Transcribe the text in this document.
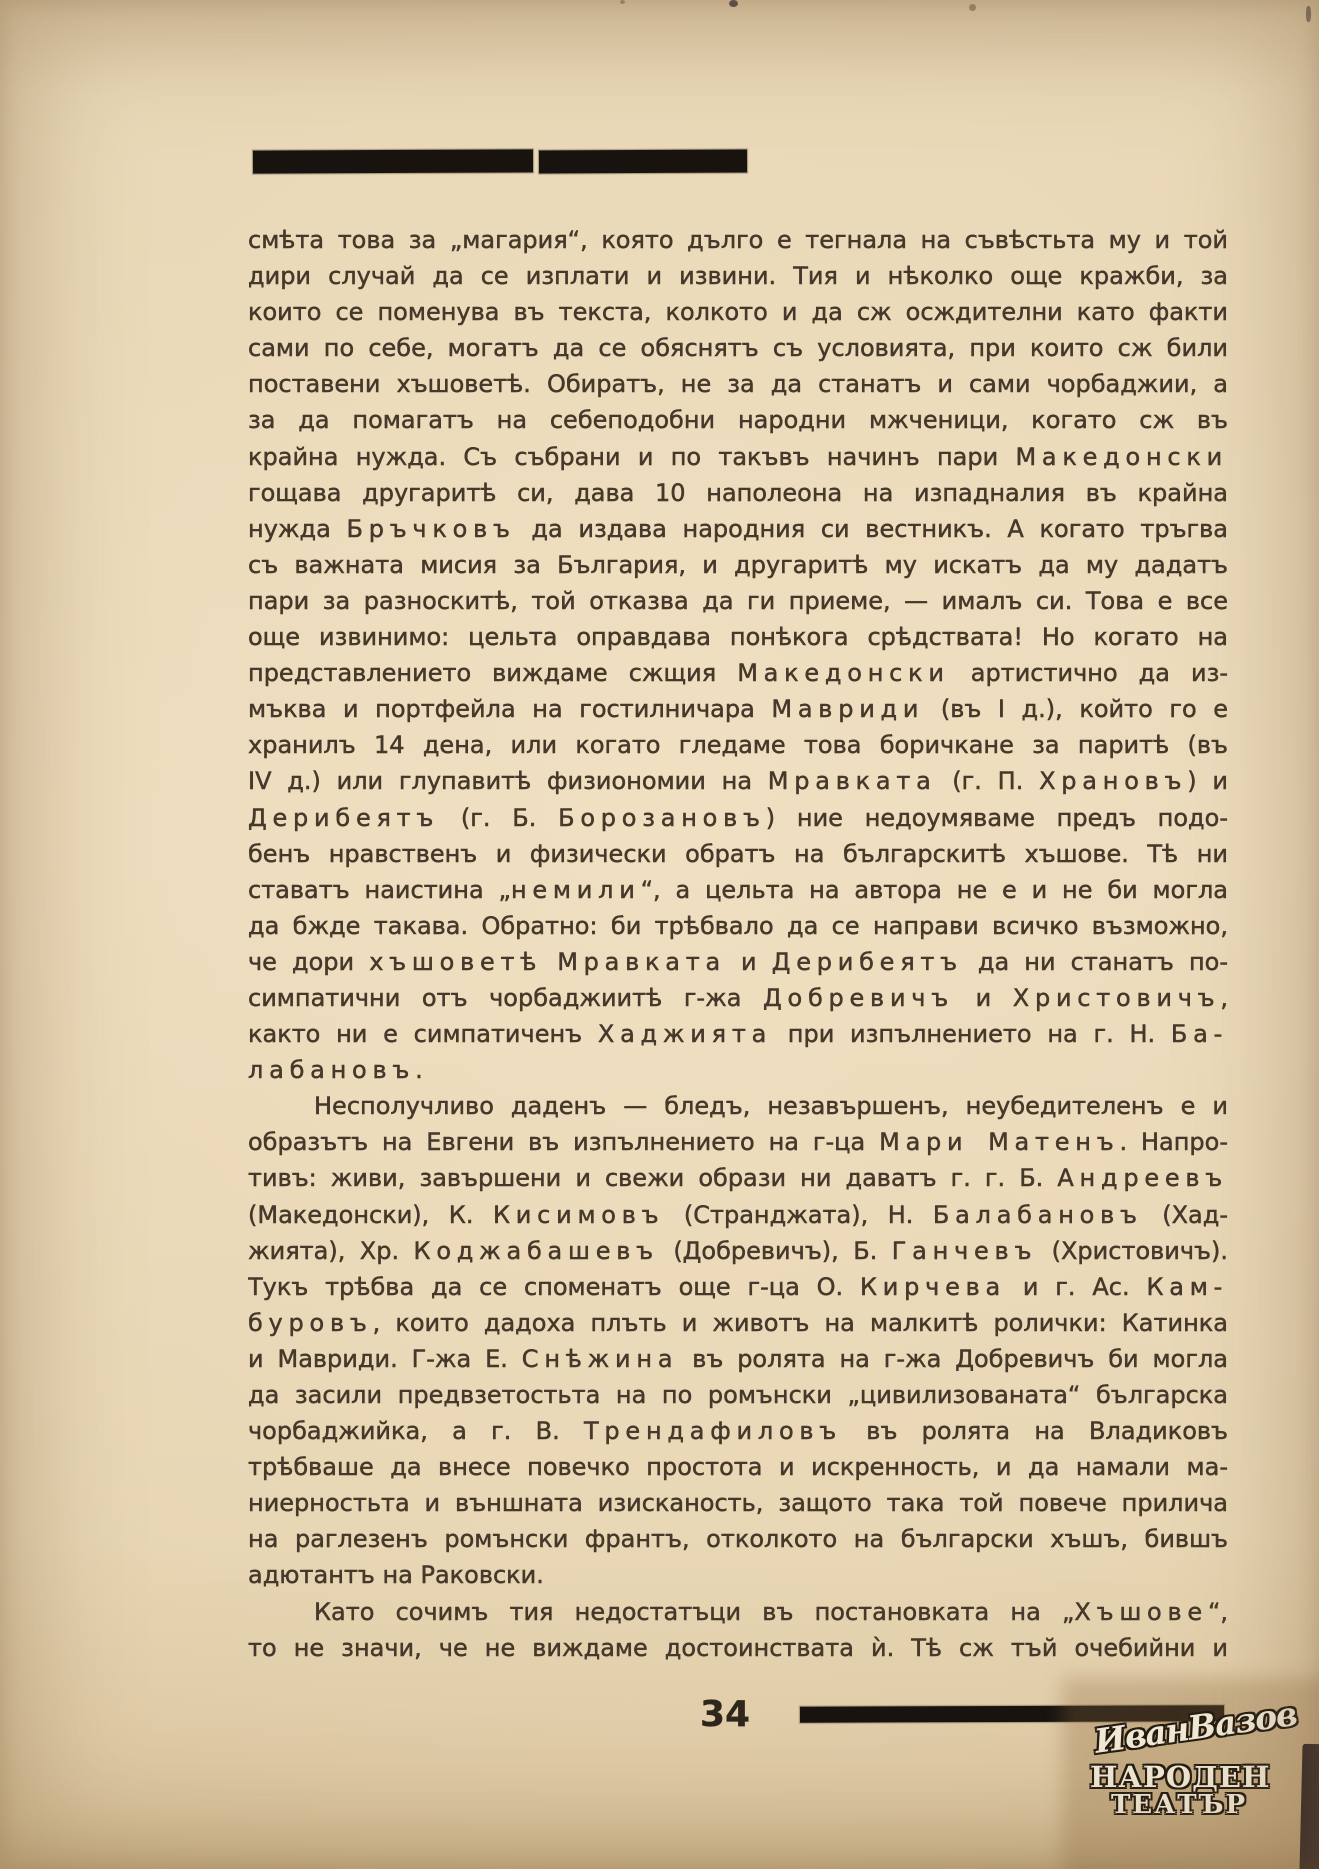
смѣта това за „магария“, която дълго е тегнала на съвѣстьта му и той
дири случай да се изплати и извини. Тия и нѣколко още кражби, за
които се поменува въ текста, колкото и да сж осждителни като факти
сами по себе, могатъ да се обяснятъ съ условията, при които сж били
поставени хъшоветѣ. Обиратъ, не за да станатъ и сами чорбаджии, а
за да помагатъ на себеподобни народни мжченици, когато сж въ
крайна нужда. Съ събрани и по такъвъ начинъ пари Македонски
гощава другаритѣ си, дава 10 наполеона на изпадналия въ крайна
нужда Бръчковъ да издава народния си вестникъ. А когато тръгва
съ важната мисия за България, и другаритѣ му искатъ да му дадатъ
пари за разноскитѣ, той отказва да ги приеме, — ималъ си. Това е все
още извинимо: цельта оправдава понѣкога срѣдствата! Но когато на
представлението виждаме сжщия Македонски артистично да из-
мъква и портфейла на гостилничара Мавриди (въ I д.), който го е
хранилъ 14 дена, или когато гледаме това боричкане за паритѣ (въ
IV д.) или глупавитѣ физиономии на Мравката (г. П. Храновъ) и
Дерибеятъ (г. Б. Борозановъ) ние недоумяваме предъ подо-
бенъ нравственъ и физически обратъ на българскитѣ хъшове. Тѣ ни
ставатъ наистина „немили“, а цельта на автора не е и не би могла
да бжде такава. Обратно: би трѣбвало да се направи всичко възможно,
че дори хъшоветѣ Мравката и Дерибеятъ да ни станатъ по-
симпатични отъ чорбаджиитѣ г-жа Добревичъ и Христовичъ,
както ни е симпатиченъ Хаджията при изпълнението на г. Н. Ба-
лабановъ.
Несполучливо даденъ — бледъ, незавършенъ, неубедителенъ е и
образътъ на Евгени въ изпълнението на г-ца Мари Матенъ. Напро-
тивъ: живи, завършени и свежи образи ни даватъ г. г. Б. Андреевъ
(Македонски), К. Кисимовъ (Странджата), Н. Балабановъ (Хад-
жията), Хр. Коджабашевъ (Добревичъ), Б. Ганчевъ (Христовичъ).
Тукъ трѣбва да се споменатъ още г-ца О. Кирчева и г. Ас. Кам-
буровъ, които дадоха плъть и животъ на малкитѣ ролички: Катинка
и Мавриди. Г-жа Е. Снѣжина въ ролята на г-жа Добревичъ би могла
да засили предвзетостьта на по ромънски „цивилизованата“ българска
чорбаджийка, а г. В. Трендафиловъ въ ролята на Владиковъ
трѣбваше да внесе повечко простота и искренность, и да намали ма-
ниерностьта и външната изисканость, защото така той повече прилича
на раглезенъ ромънски франтъ, отколкото на български хъшъ, бившъ
адютантъ на Раковски.
Като сочимъ тия недостатъци въ постановката на „Хъшове“,
то не значи, че не виждаме достоинствата ѝ. Тѣ сж тъй очебийни и
34	ИванВазов
НАРОДЕН
ТЕАТЪР
